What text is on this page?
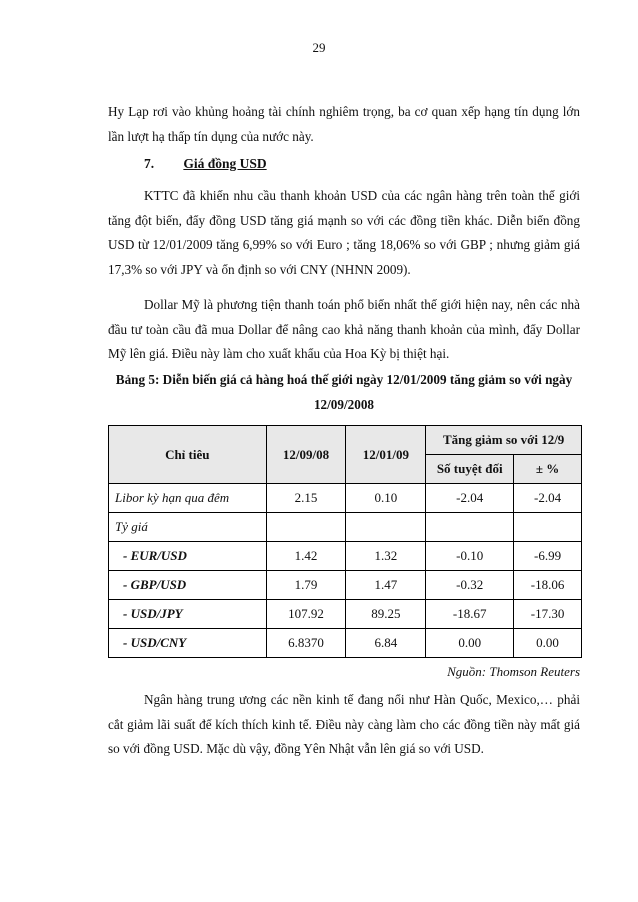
29

Hy Lạp rơi vào khủng hoảng tài chính nghiêm trọng, ba cơ quan xếp hạng tín dụng lớn lần lượt hạ thấp tín dụng của nước này.

7. Giá đồng USD

KTTC đã khiến nhu cầu thanh khoản USD của các ngân hàng trên toàn thế giới tăng đột biến, đẩy đồng USD tăng giá mạnh so với các đồng tiền khác. Diễn biến đồng USD từ 12/01/2009 tăng 6,99% so với Euro ; tăng 18,06% so với GBP ; nhưng giảm giá 17,3% so với JPY và ổn định so với CNY (NHNN 2009).

Dollar Mỹ là phương tiện thanh toán phổ biến nhất thế giới hiện nay, nên các nhà đầu tư toàn cầu đã mua Dollar để nâng cao khả năng thanh khoản của mình, đẩy Dollar Mỹ lên giá. Điều này làm cho xuất khẩu của Hoa Kỳ bị thiệt hại.

Bảng 5: Diễn biến giá cả hàng hoá thế giới ngày 12/01/2009 tăng giảm so với ngày 12/09/2008

Chỉ tiêu	12/09/08	12/01/09	Tăng giảm so với 12/9	
			Số tuyệt đối	± %
Libor kỳ hạn qua đêm	2.15	0.10	-2.04	-2.04
Tỷ giá				
- EUR/USD	1.42	1.32	-0.10	-6.99
- GBP/USD	1.79	1.47	-0.32	-18.06
- USD/JPY	107.92	89.25	-18.67	-17.30
- USD/CNY	6.8370	6.84	0.00	0.00
Nguồn: Thomson Reuters

Ngân hàng trung ương các nền kinh tế đang nổi như Hàn Quốc, Mexico,… phải cắt giảm lãi suất để kích thích kinh tế. Điều này càng làm cho các đồng tiền này mất giá so với đồng USD. Mặc dù vậy, đồng Yên Nhật vẫn lên giá so với USD.
